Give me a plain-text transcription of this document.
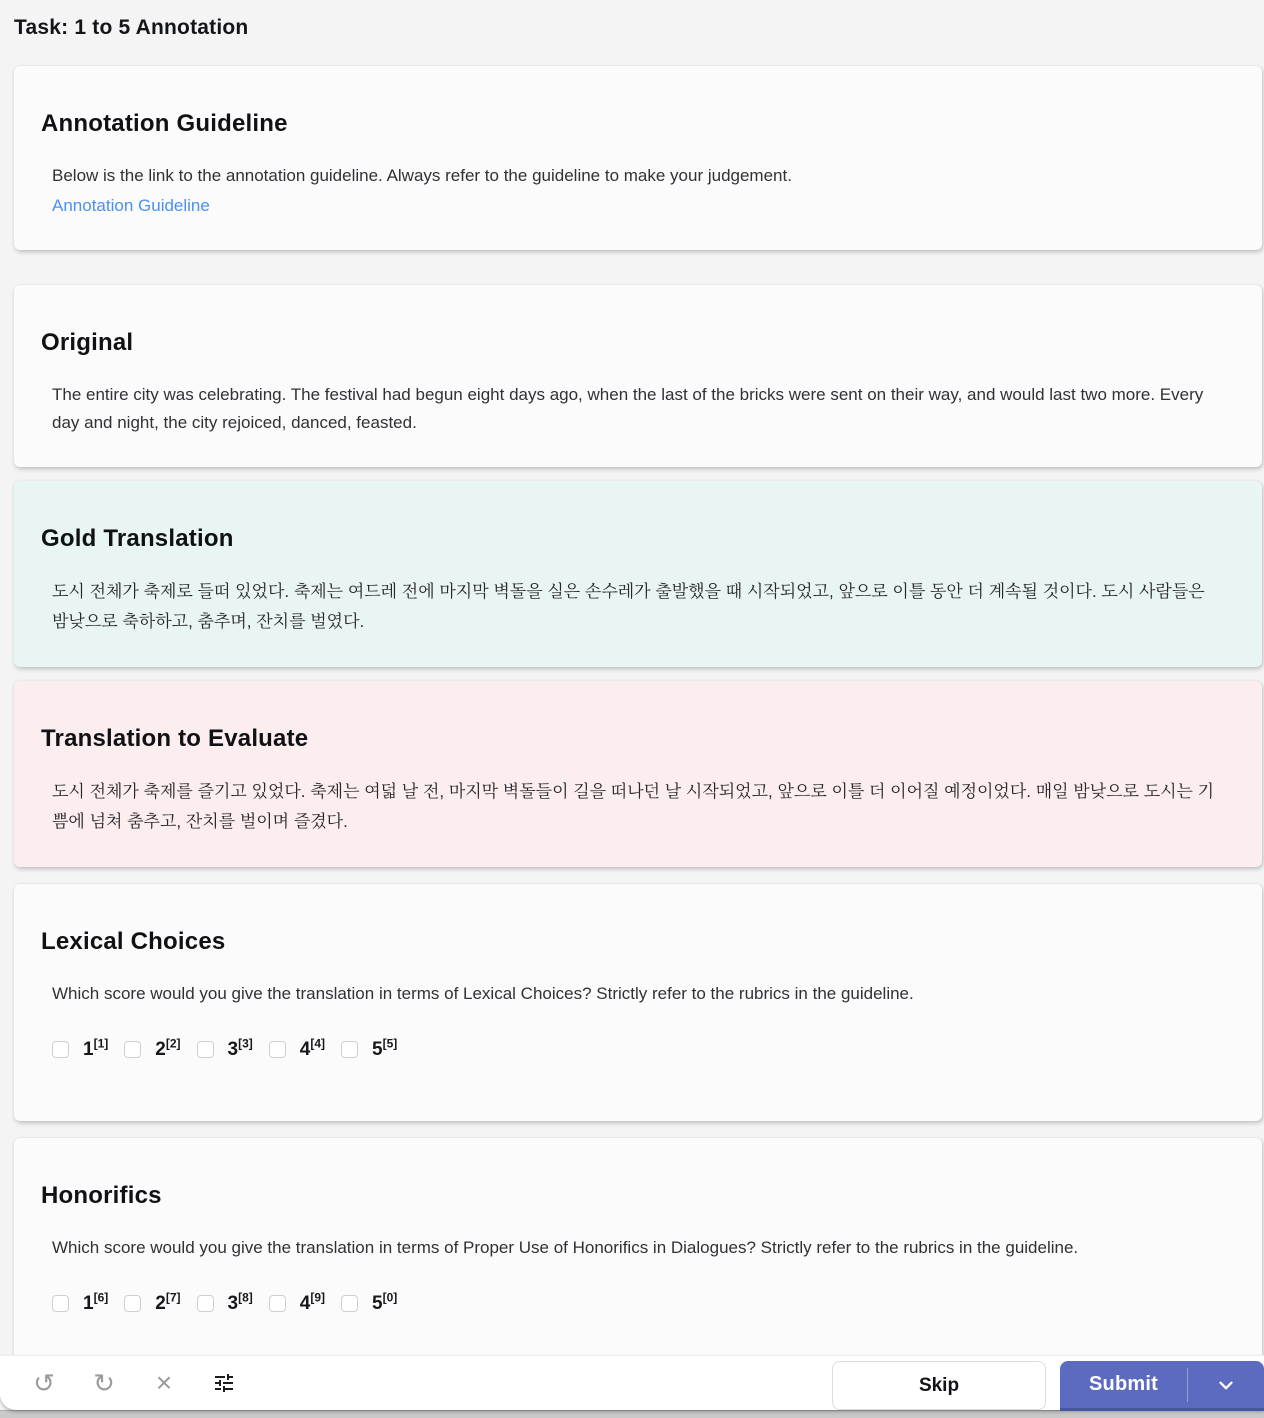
Task: 1 to 5 Annotation
Annotation Guideline

Below is the link to the annotation guideline. Always refer to the guideline to make your judgement.

Annotation Guideline
Original

The entire city was celebrating. The festival had begun eight days ago, when the last of the bricks were sent on their way, and would last two more. Every day and night, the city rejoiced, danced, feasted.

Gold Translation

도시 전체가 축제로 들떠 있었다. 축제는 여드레 전에 마지막 벽돌을 실은 손수레가 출발했을 때 시작되었고, 앞으로 이틀 동안 더 계속될 것이다. 도시 사람들은 밤낮으로 축하하고, 춤추며, 잔치를 벌였다.

Translation to Evaluate

도시 전체가 축제를 즐기고 있었다. 축제는 여덟 날 전, 마지막 벽돌들이 길을 떠나던 날 시작되었고, 앞으로 이틀 더 이어질 예정이었다. 매일 밤낮으로 도시는 기쁨에 넘쳐 춤추고, 잔치를 벌이며 즐겼다.

Lexical Choices

Which score would you give the translation in terms of Lexical Choices? Strictly refer to the rubrics in the guideline.

1[1] 2[2] 3[3] 4[4] 5[5]
Honorifics

Which score would you give the translation in terms of Proper Use of Honorifics in Dialogues? Strictly refer to the rubrics in the guideline.

1[6] 2[7] 3[8] 4[9] 5[0]
↺ ↻ ×	Skip	Submit
